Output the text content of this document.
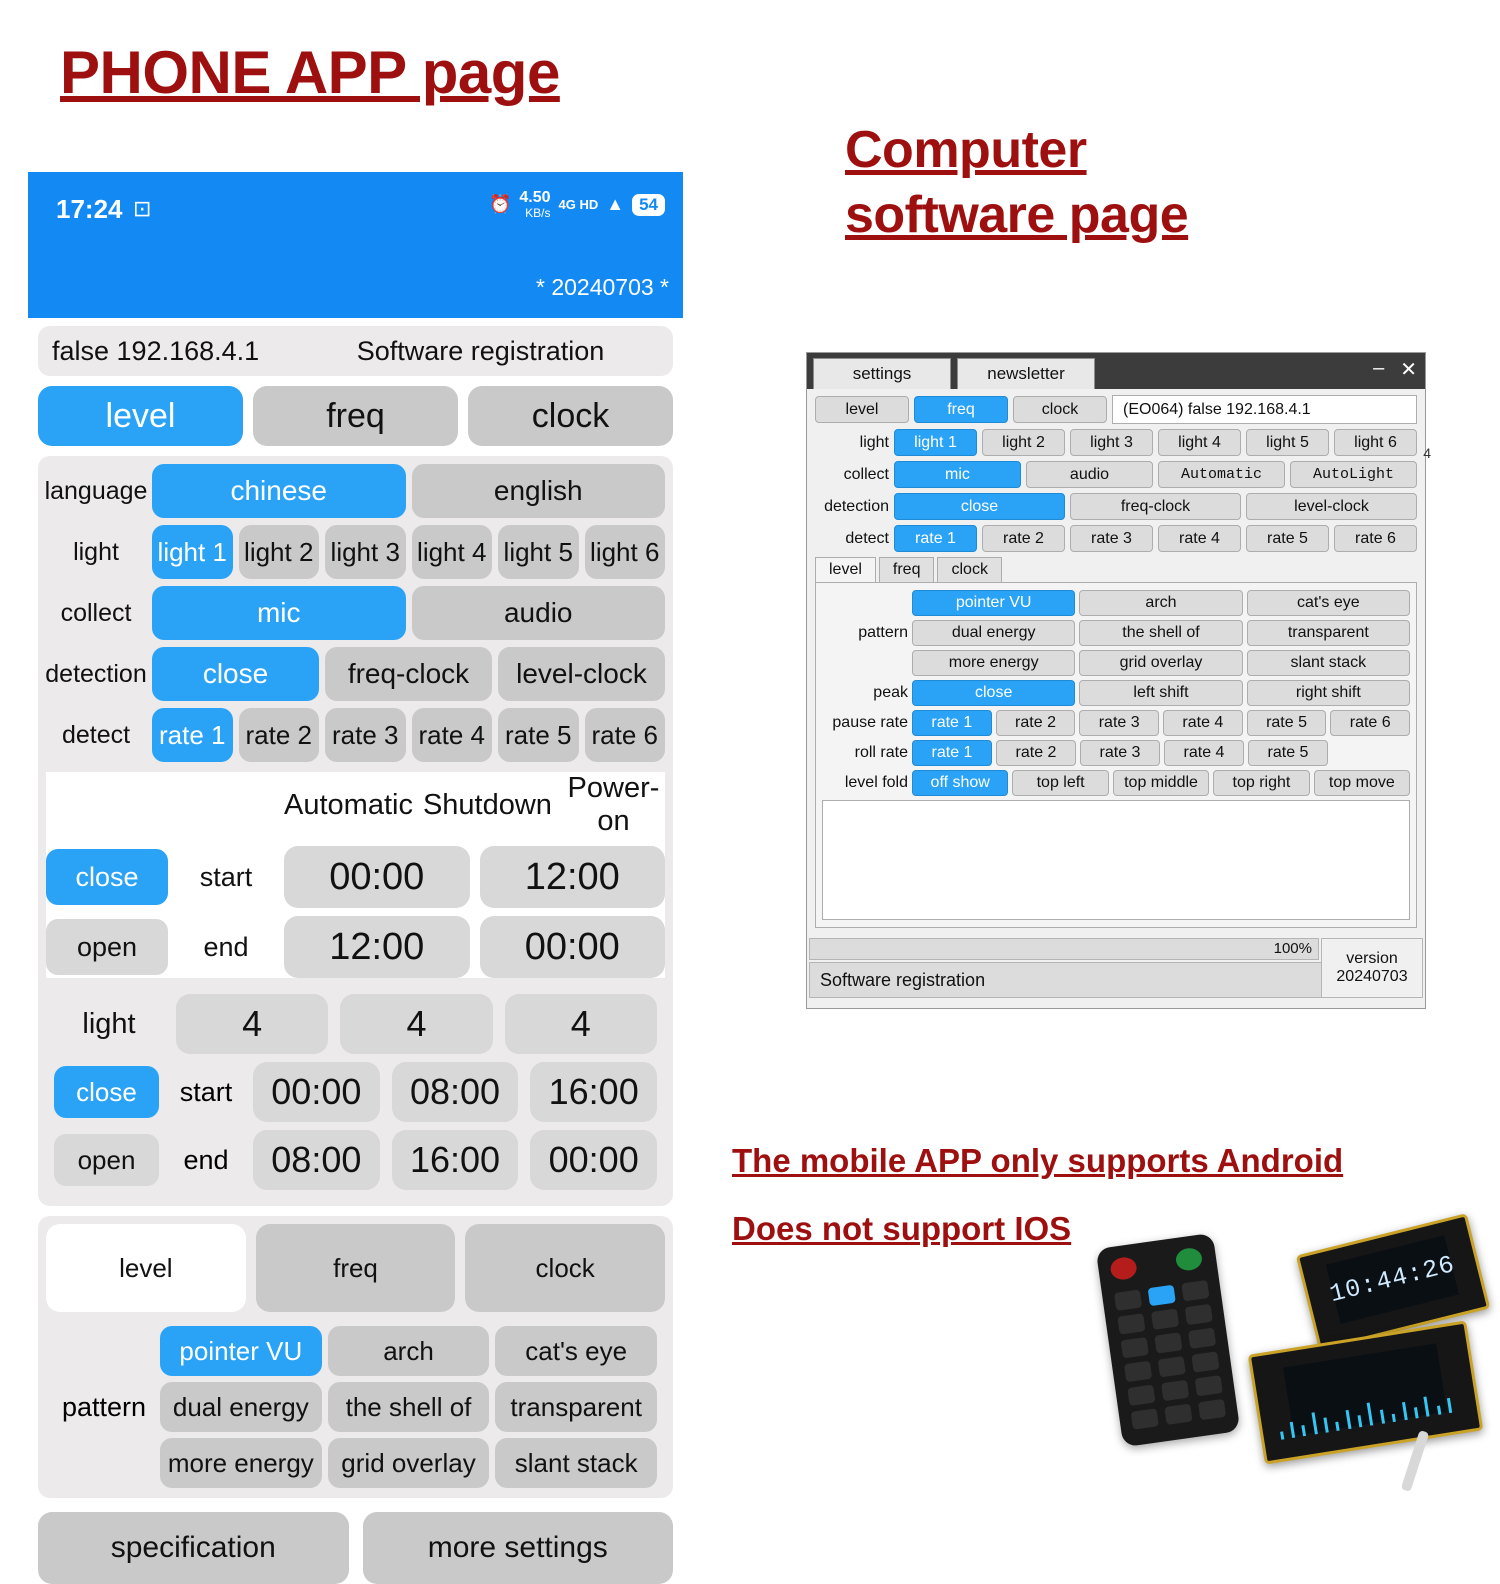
PHONE APP page
Computer software page
The mobile APP only supports Android
Does not support IOS
17:24 ⊡	⏰ 4.50
KB/s
4G HD ▲ 54
* 20240703 *
false 192.168.4.1	Software registration
level	freq	clock
language	chinese	english
light	light 1 light 2 light 3 light 4 light 5 light 6
collect	mic	audio
detection	close	freq-clock	level-clock
detect	rate 1 rate 2 rate 3 rate 4 rate 5 rate 6
Automatic Shutdown
Power-on
close	start	00:00	12:00
open	end	12:00	00:00
light	4	4	4
close	start	00:00	08:00	16:00
open	end	08:00	16:00	00:00
level	freq	clock
pattern
pointer VU	arch	cat's eye
dual energy	the shell of	transparent
more energy	grid overlay	slant stack
specification	more settings
settings	newsletter	– ✕
4
level	freq	clock	(EO064) false 192.168.4.1
light	light 1	light 2	light 3	light 4	light 5	light 6
collect	mic	audio	Automatic	AutoLight
detection	close	freq-clock	level-clock
detect	rate 1	rate 2	rate 3	rate 4	rate 5	rate 6
level	freq	clock
pattern
pointer VU	arch	cat's eye
dual energy	the shell of	transparent
more energy	grid overlay	slant stack
peak	close	left shift	right shift
pause rate	rate 1	rate 2	rate 3	rate 4	rate 5	rate 6
roll rate	rate 1	rate 2	rate 3	rate 4	rate 5
level fold	off show	top left	top middle	top right	top move
100%
Software registration
version
20240703
10:44:26
